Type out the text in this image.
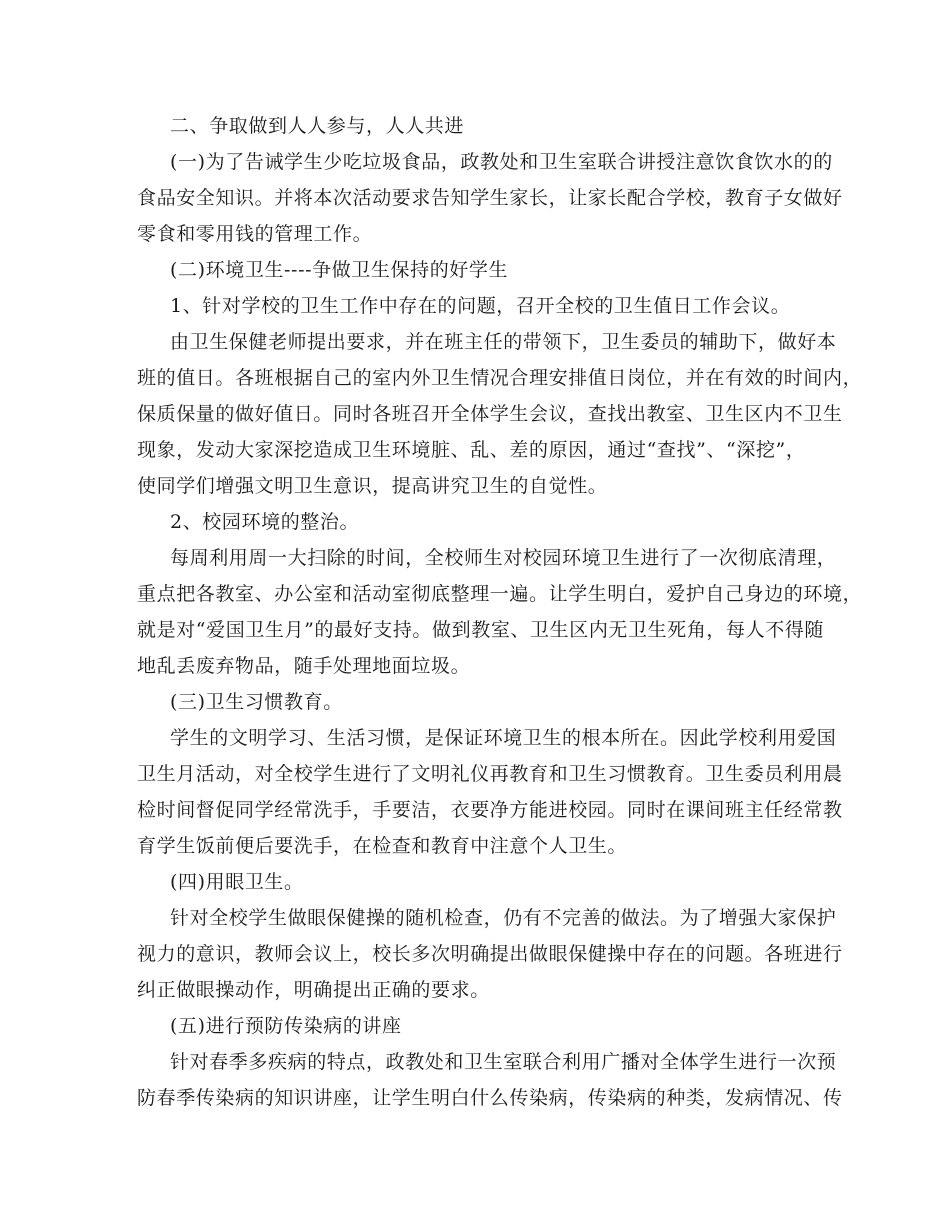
二、争取做到人人参与，人人共进
(一)为了告诫学生少吃垃圾食品，政教处和卫生室联合讲授注意饮食饮水的的
食品安全知识。并将本次活动要求告知学生家长，让家长配合学校，教育子女做好
零食和零用钱的管理工作。
(二)环境卫生----争做卫生保持的好学生
1、针对学校的卫生工作中存在的问题，召开全校的卫生值日工作会议。
由卫生保健老师提出要求，并在班主任的带领下，卫生委员的辅助下，做好本
班的值日。各班根据自己的室内外卫生情况合理安排值日岗位，并在有效的时间内，
保质保量的做好值日。同时各班召开全体学生会议，查找出教室、卫生区内不卫生
现象，发动大家深挖造成卫生环境脏、乱、差的原因，通过“查找”、“深挖”，
使同学们增强文明卫生意识，提高讲究卫生的自觉性。
2、校园环境的整治。
每周利用周一大扫除的时间，全校师生对校园环境卫生进行了一次彻底清理，
重点把各教室、办公室和活动室彻底整理一遍。让学生明白，爱护自己身边的环境，
就是对“爱国卫生月”的最好支持。做到教室、卫生区内无卫生死角，每人不得随
地乱丢废弃物品，随手处理地面垃圾。
(三)卫生习惯教育。
学生的文明学习、生活习惯，是保证环境卫生的根本所在。因此学校利用爱国
卫生月活动，对全校学生进行了文明礼仪再教育和卫生习惯教育。卫生委员利用晨
检时间督促同学经常洗手，手要洁，衣要净方能进校园。同时在课间班主任经常教
育学生饭前便后要洗手，在检查和教育中注意个人卫生。
(四)用眼卫生。
针对全校学生做眼保健操的随机检查，仍有不完善的做法。为了增强大家保护
视力的意识，教师会议上，校长多次明确提出做眼保健操中存在的问题。各班进行
纠正做眼操动作，明确提出正确的要求。
(五)进行预防传染病的讲座
针对春季多疾病的特点，政教处和卫生室联合利用广播对全体学生进行一次预
防春季传染病的知识讲座，让学生明白什么传染病，传染病的种类，发病情况、传
